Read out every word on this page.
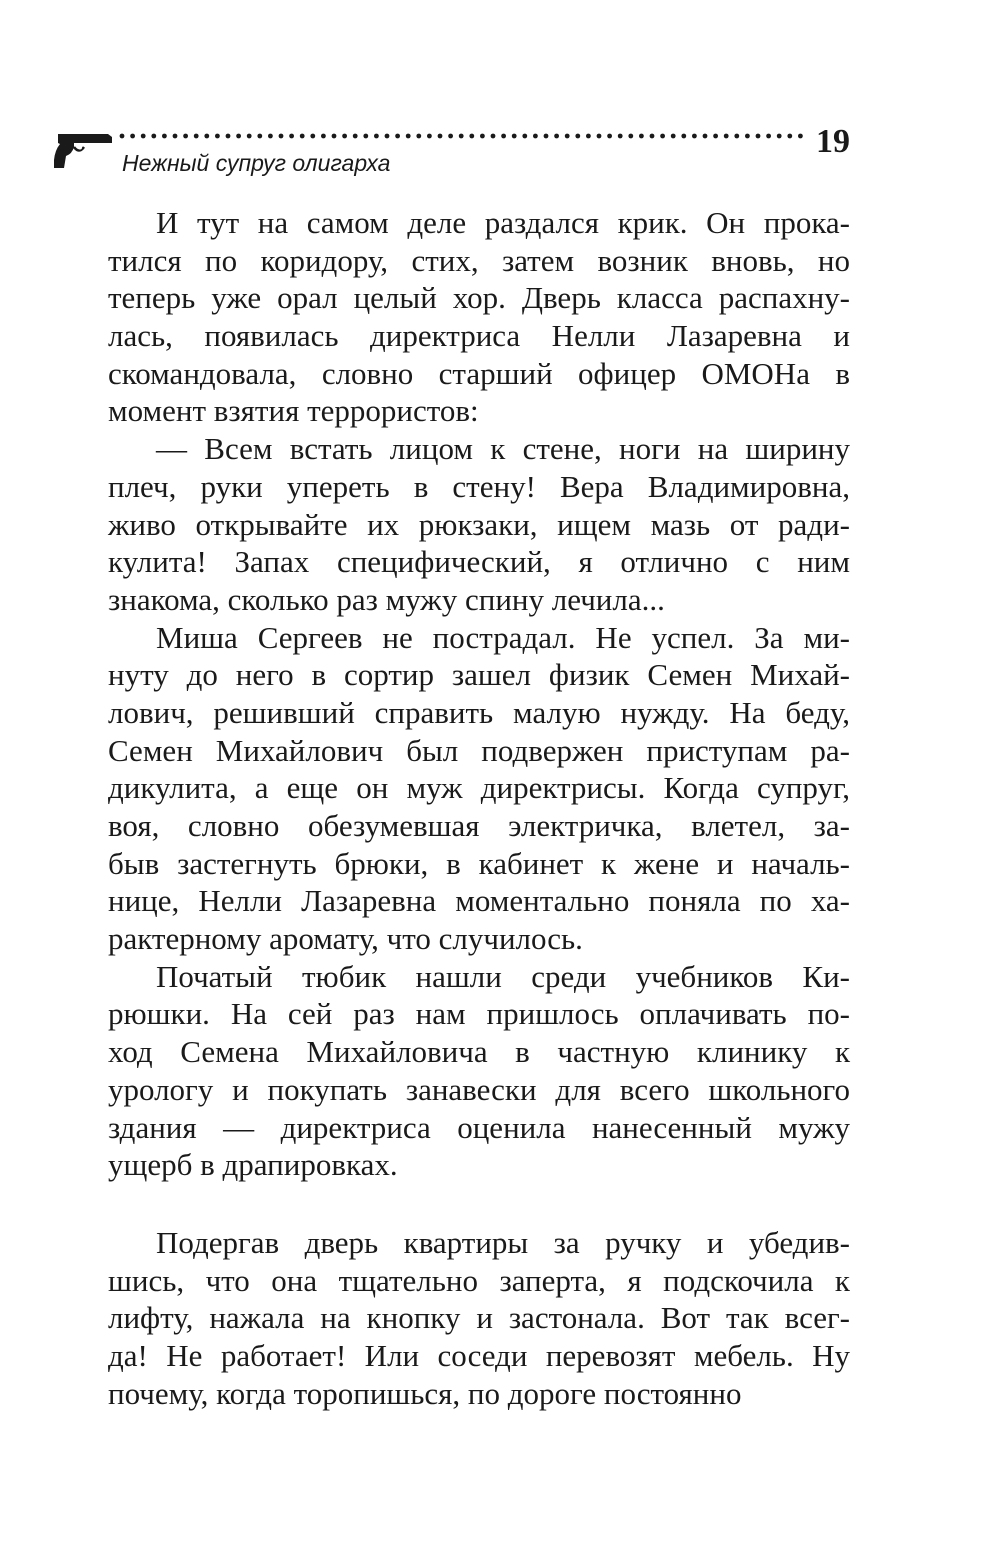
19
Нежный супруг олигарха
И тут на самом деле раздался крик. Он прока-
тился по коридору, стих, затем возник вновь, но
теперь уже орал целый хор. Дверь класса распахну-
лась, появилась директриса Нелли Лазаревна и
скомандовала, словно старший офицер ОМОНа в
момент взятия террористов:
— Всем встать лицом к стене, ноги на ширину
плеч, руки упереть в стену! Вера Владимировна,
живо открывайте их рюкзаки, ищем мазь от ради-
кулита! Запах специфический, я отлично с ним
знакома, сколько раз мужу спину лечила...
Миша Сергеев не пострадал. Не успел. За ми-
нуту до него в сортир зашел физик Семен Михай-
лович, решивший справить малую нужду. На беду,
Семен Михайлович был подвержен приступам ра-
дикулита, а еще он муж директрисы. Когда супруг,
воя, словно обезумевшая электричка, влетел, за-
быв застегнуть брюки, в кабинет к жене и началь-
нице, Нелли Лазаревна моментально поняла по ха-
рактерному аромату, что случилось.
Початый тюбик нашли среди учебников Ки-
рюшки. На сей раз нам пришлось оплачивать по-
ход Семена Михайловича в частную клинику к
урологу и покупать занавески для всего школьного
здания — директриса оценила нанесенный мужу
ущерб в драпировках.
Подергав дверь квартиры за ручку и убедив-
шись, что она тщательно заперта, я подскочила к
лифту, нажала на кнопку и застонала. Вот так всег-
да! Не работает! Или соседи перевозят мебель. Ну
почему, когда торопишься, по дороге постоянно
